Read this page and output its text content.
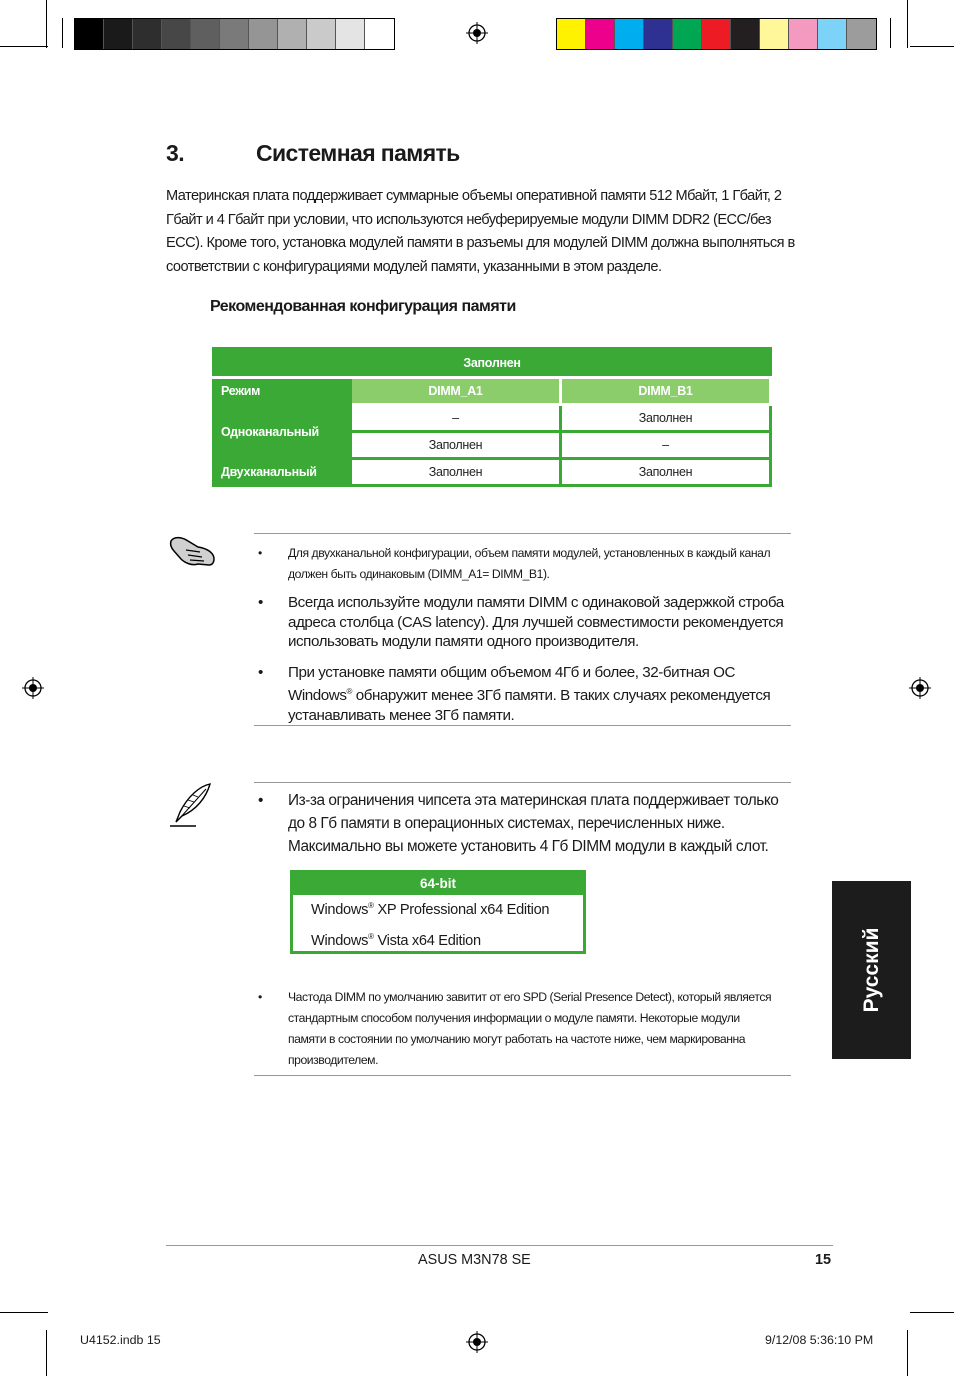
3.	Системная память
Материнская плата поддерживает суммарные объемы оперативной памяти 512 Мбайт, 1 Гбайт, 2 Гбайт и 4 Гбайт при условии, что используются небуферируемые модули DIMM DDR2 (ECC/без ECC). Кроме того, установка модулей памяти в разъемы для модулей DIMM должна выполняться в соответствии с конфигурациями модулей памяти, указанными в этом разделе.
Рекомендованная конфигурация памяти
Заполнен		
Режим	DIMM_A1	DIMM_B1
Одноканальный	–	Заполнен
	Заполнен	–
Двухканальный	Заполнен	Заполнен
• Для двухканальной конфигурации, объем памяти модулей, установленных в каждый канал должен быть одинаковым (DIMM_A1= DIMM_B1).
• Всегда используйте модули памяти DIMM с одинаковой задержкой строба адреса столбца (CAS latency). Для лучшей совместимости рекомендуется использовать модули памяти одного производителя.
• При установке памяти общим объемом 4Гб и более, 32-битная ОС Windows® обнаружит менее 3Гб памяти. В таких случаях рекомендуется устанавливать менее 3Гб памяти.
• Из-за ограничения чипсета эта материнская плата поддерживает только до 8 Гб памяти в операционных системах, перечисленных ниже. Максимально вы можете установить 4 Гб DIMM модули в каждый слот.
64-bit
Windows® XP Professional x64 Edition
Windows® Vista x64 Edition
• Частода DIMM по умолчанию завитит от его SPD (Serial Presence Detect), который является стандартным способом получения информации о модуле памяти. Некоторые модули памяти в состоянии по умолчанию могут работать на частоте ниже, чем маркированна производителем.
Русский
ASUS M3N78 SE	15
U4152.indb 15	9/12/08 5:36:10 PM
